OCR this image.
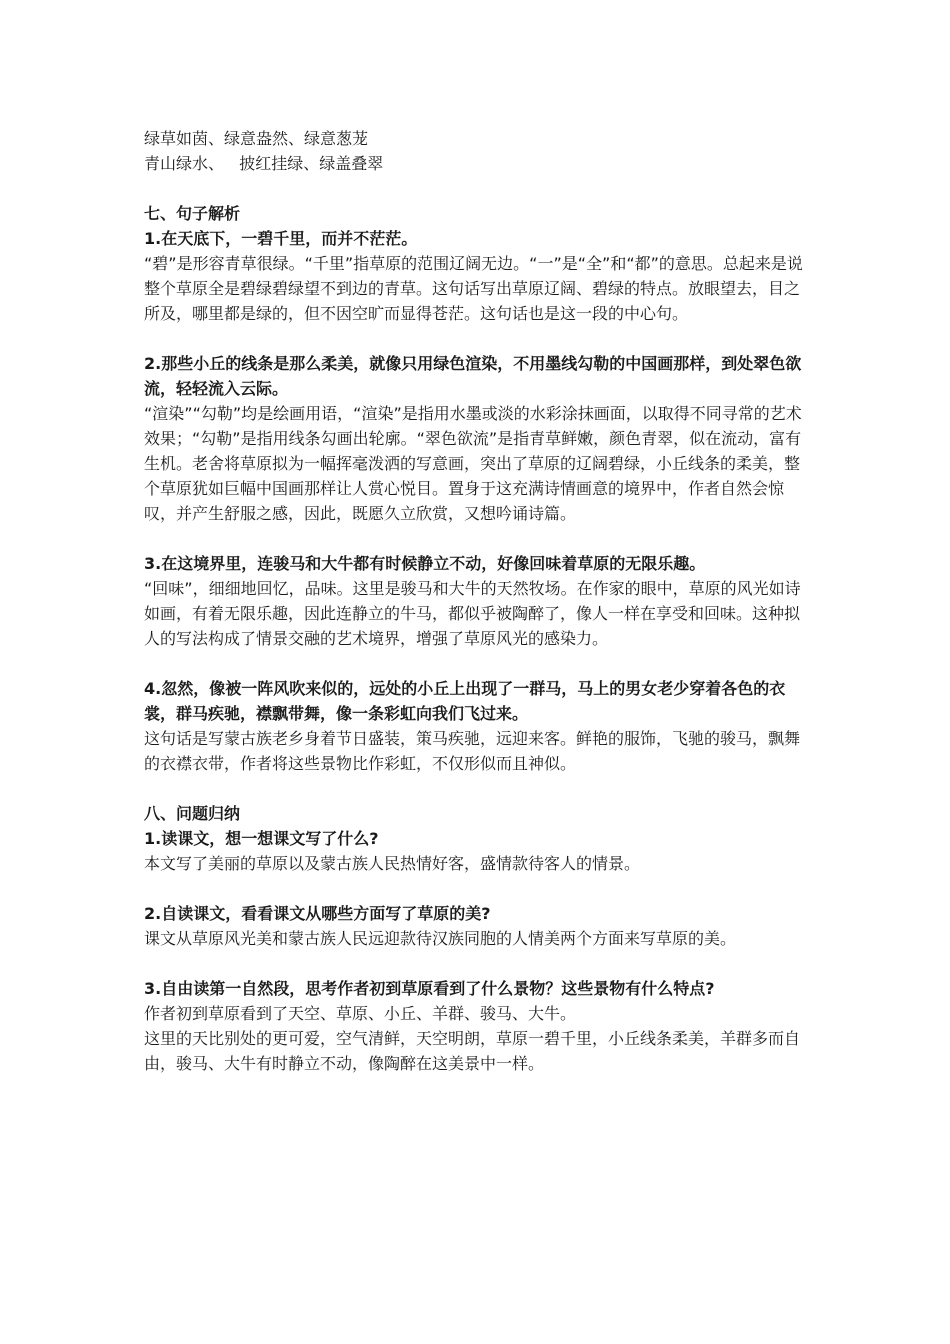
绿草如茵、绿意盎然、绿意葱茏
青山绿水、   披红挂绿、绿盖叠翠
七、句子解析
1.在天底下，一碧千里，而并不茫茫。
“碧”是形容青草很绿。“千里”指草原的范围辽阔无边。“一”是“全”和“都”的意思。总起来是说整个草原全是碧绿碧绿望不到边的青草。这句话写出草原辽阔、碧绿的特点。放眼望去，目之所及，哪里都是绿的，但不因空旷而显得苍茫。这句话也是这一段的中心句。
2.那些小丘的线条是那么柔美，就像只用绿色渲染，不用墨线勾勒的中国画那样，到处翠色欲流，轻轻流入云际。
“渲染”“勾勒”均是绘画用语，“渲染”是指用水墨或淡的水彩涂抹画面，以取得不同寻常的艺术效果；“勾勒”是指用线条勾画出轮廓。“翠色欲流”是指青草鲜嫩，颜色青翠，似在流动，富有生机。老舍将草原拟为一幅挥毫泼洒的写意画，突出了草原的辽阔碧绿，小丘线条的柔美，整个草原犹如巨幅中国画那样让人赏心悦目。置身于这充满诗情画意的境界中，作者自然会惊叹，并产生舒服之感，因此，既愿久立欣赏，又想吟诵诗篇。
3.在这境界里，连骏马和大牛都有时候静立不动，好像回味着草原的无限乐趣。
“回味”，细细地回忆，品味。这里是骏马和大牛的天然牧场。在作家的眼中，草原的风光如诗如画，有着无限乐趣，因此连静立的牛马，都似乎被陶醉了，像人一样在享受和回味。这种拟人的写法构成了情景交融的艺术境界，增强了草原风光的感染力。
4.忽然，像被一阵风吹来似的，远处的小丘上出现了一群马，马上的男女老少穿着各色的衣裳，群马疾驰，襟飘带舞，像一条彩虹向我们飞过来。
这句话是写蒙古族老乡身着节日盛装，策马疾驰，远迎来客。鲜艳的服饰，飞驰的骏马，飘舞的衣襟衣带，作者将这些景物比作彩虹，不仅形似而且神似。
八、问题归纳
1.读课文，想一想课文写了什么?
本文写了美丽的草原以及蒙古族人民热情好客，盛情款待客人的情景。
2.自读课文，看看课文从哪些方面写了草原的美?
课文从草原风光美和蒙古族人民远迎款待汉族同胞的人情美两个方面来写草原的美。
3.自由读第一自然段，思考作者初到草原看到了什么景物？这些景物有什么特点?
作者初到草原看到了天空、草原、小丘、羊群、骏马、大牛。
这里的天比别处的更可爱，空气清鲜，天空明朗，草原一碧千里，小丘线条柔美，羊群多而自由，骏马、大牛有时静立不动，像陶醉在这美景中一样。
